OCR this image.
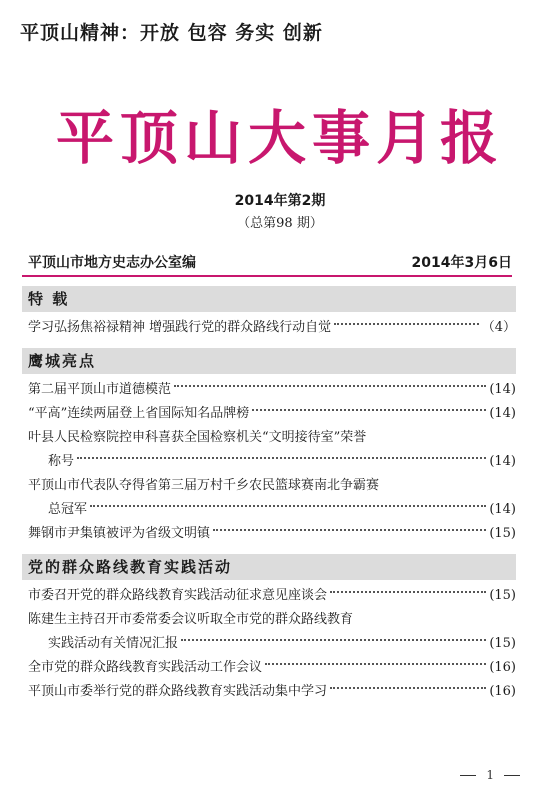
平顶山精神：开放 包容 务实 创新
平顶山大事月报
2014年第2期
（总第98 期）
平顶山市地方史志办公室编	2014年3月6日
特 载
学习弘扬焦裕禄精神 增强践行党的群众路线行动自觉	（4）
鹰城亮点
第二届平顶山市道德模范	(14)
“平高”连续两届登上省国际知名品牌榜	(14)
叶县人民检察院控申科喜获全国检察机关“文明接待室”荣誉
称号	(14)
平顶山市代表队夺得省第三届万村千乡农民篮球赛南北争霸赛
总冠军	(14)
舞钢市尹集镇被评为省级文明镇	(15)
党的群众路线教育实践活动
市委召开党的群众路线教育实践活动征求意见座谈会	(15)
陈建生主持召开市委常委会议听取全市党的群众路线教育
实践活动有关情况汇报	(15)
全市党的群众路线教育实践活动工作会议	(16)
平顶山市委举行党的群众路线教育实践活动集中学习	(16)
1
